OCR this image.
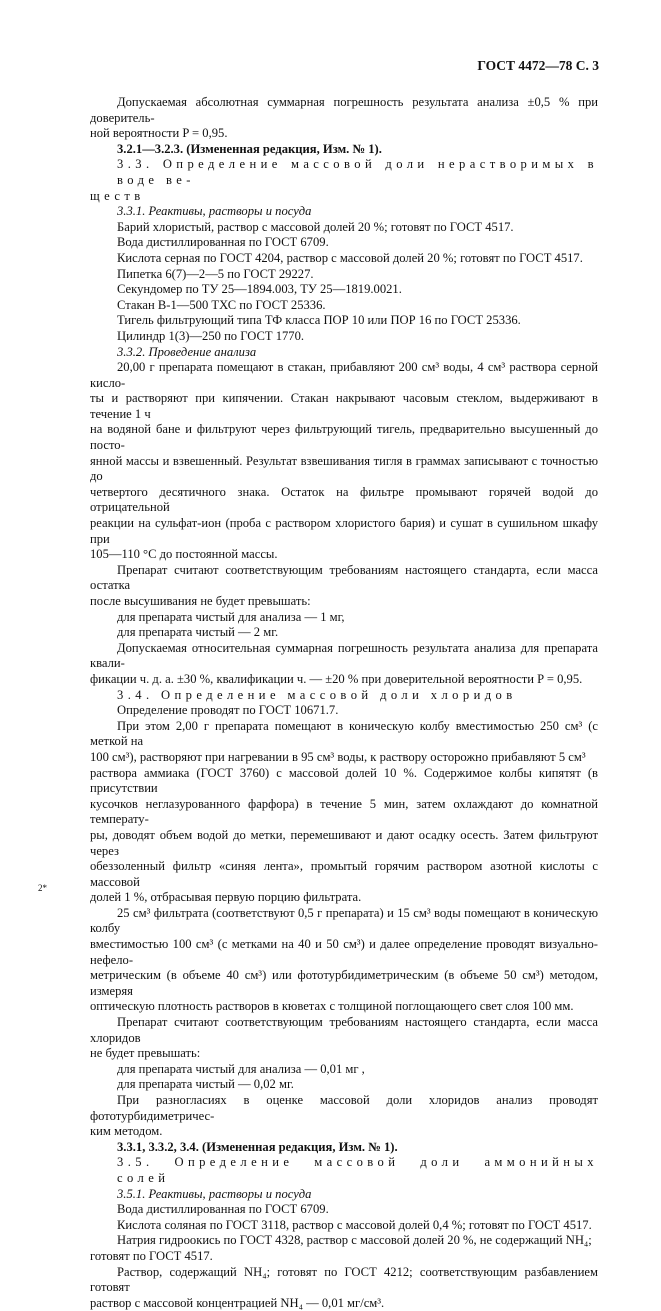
ГОСТ 4472—78 С. 3
Допускаемая абсолютная суммарная погрешность результата анализа ±0,5 % при доверитель-
ной вероятности P = 0,95.
3.2.1—3.2.3. (Измененная редакция, Изм. № 1).
3.3. Определение массовой доли нерастворимых в воде ве-
ществ
3.3.1. Реактивы, растворы и посуда
Барий хлористый, раствор с массовой долей 20 %; готовят по ГОСТ 4517.
Вода дистиллированная по ГОСТ 6709.
Кислота серная по ГОСТ 4204, раствор с массовой долей 20 %; готовят по ГОСТ 4517.
Пипетка 6(7)—2—5 по ГОСТ 29227.
Секундомер по ТУ 25—1894.003, ТУ 25—1819.0021.
Стакан В-1—500 ТХС по ГОСТ 25336.
Тигель фильтрующий типа ТФ класса ПОР 10 или ПОР 16 по ГОСТ 25336.
Цилиндр 1(3)—250 по ГОСТ 1770.
3.3.2. Проведение анализа
20,00 г препарата помещают в стакан, прибавляют 200 см³ воды, 4 см³ раствора серной кисло-
ты и растворяют при кипячении. Стакан накрывают часовым стеклом, выдерживают в течение 1 ч
на водяной бане и фильтруют через фильтрующий тигель, предварительно высушенный до посто-
янной массы и взвешенный. Результат взвешивания тигля в граммах записывают с точностью до
четвертого десятичного знака. Остаток на фильтре промывают горячей водой до отрицательной
реакции на сульфат-ион (проба с раствором хлористого бария) и сушат в сушильном шкафу при
105—110 °С до постоянной массы.
Препарат считают соответствующим требованиям настоящего стандарта, если масса остатка
после высушивания не будет превышать:
для препарата чистый для анализа — 1 мг,
для препарата чистый — 2 мг.
Допускаемая относительная суммарная погрешность результата анализа для препарата квали-
фикации ч. д. а. ±30 %, квалификации ч. — ±20 % при доверительной вероятности P = 0,95.
3.4. Определение массовой доли хлоридов
Определение проводят по ГОСТ 10671.7.
При этом 2,00 г препарата помещают в коническую колбу вместимостью 250 см³ (с меткой на
100 см³), растворяют при нагревании в 95 см³ воды, к раствору осторожно прибавляют 5 см³
раствора аммиака (ГОСТ 3760) с массовой долей 10 %. Содержимое колбы кипятят (в присутствии
кусочков неглазурованного фарфора) в течение 5 мин, затем охлаждают до комнатной температу-
ры, доводят объем водой до метки, перемешивают и дают осадку осесть. Затем фильтруют через
обеззоленный фильтр «синяя лента», промытый горячим раствором азотной кислоты с массовой
долей 1 %, отбрасывая первую порцию фильтрата.
25 см³ фильтрата (соответствуют 0,5 г препарата) и 15 см³ воды помещают в коническую колбу
вместимостью 100 см³ (с метками на 40 и 50 см³) и далее определение проводят визуально-нефело-
метрическим (в объеме 40 см³) или фототурбидиметрическим (в объеме 50 см³) методом, измеряя
оптическую плотность растворов в кюветах с толщиной поглощающего свет слоя 100 мм.
Препарат считают соответствующим требованиям настоящего стандарта, если масса хлоридов
не будет превышать:
для препарата чистый для анализа — 0,01 мг ,
для препарата чистый — 0,02 мг.
При разногласиях в оценке массовой доли хлоридов анализ проводят фототурбидиметричес-
ким методом.
3.3.1, 3.3.2, 3.4. (Измененная редакция, Изм. № 1).
3.5. Определение массовой доли аммонийных солей
3.5.1. Реактивы, растворы и посуда
Вода дистиллированная по ГОСТ 6709.
Кислота соляная по ГОСТ 3118, раствор с массовой долей 0,4 %; готовят по ГОСТ 4517.
Натрия гидроокись по ГОСТ 4328, раствор с массовой долей 20 %, не содержащий NH₄;
готовят по ГОСТ 4517.
Раствор, содержащий NH₄; готовят по ГОСТ 4212; соответствующим разбавлением готовят
раствор с массовой концентрацией NH₄ — 0,01 мг/см³.
2*
